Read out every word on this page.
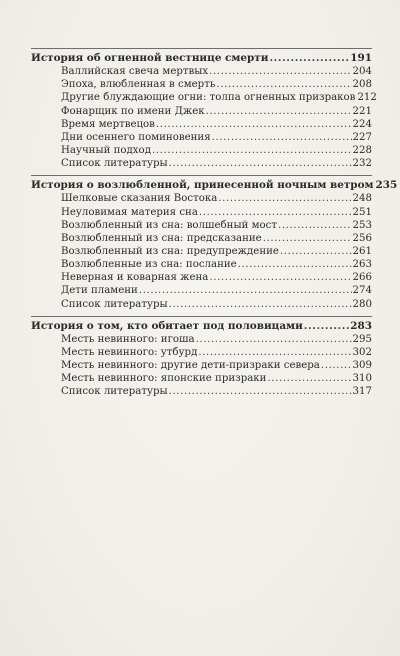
История об огненной вестнице смерти .....	191
Валлийская свеча мертвых .....	204
Эпоха, влюбленная в смерть .....	208
Другие блуждающие огни: толпа огненных призраков 212
Фонарщик по имени Джек .....	221
Время мертвецов .....	224
Дни осеннего поминовения .....	227
Научный подход .....	228
Список литературы .....	232
История о возлюбленной, принесенной ночным ветром 235
Шелковые сказания Востока .....	248
Неуловимая материя сна .....	251
Возлюбленный из сна: волшебный мост .....	253
Возлюбленный из сна: предсказание .....	256
Возлюбленный из сна: предупреждение .....	261
Возлюбленные из сна: послание .....	263
Неверная и коварная жена .....	266
Дети пламени .....	274
Список литературы .....	280
История о том, кто обитает под половицами .....	283
Месть невинного: игоша .....	295
Месть невинного: утбурд .....	302
Месть невинного: другие дети-призраки севера .....	309
Месть невинного: японские призраки .....	310
Список литературы .....	317
